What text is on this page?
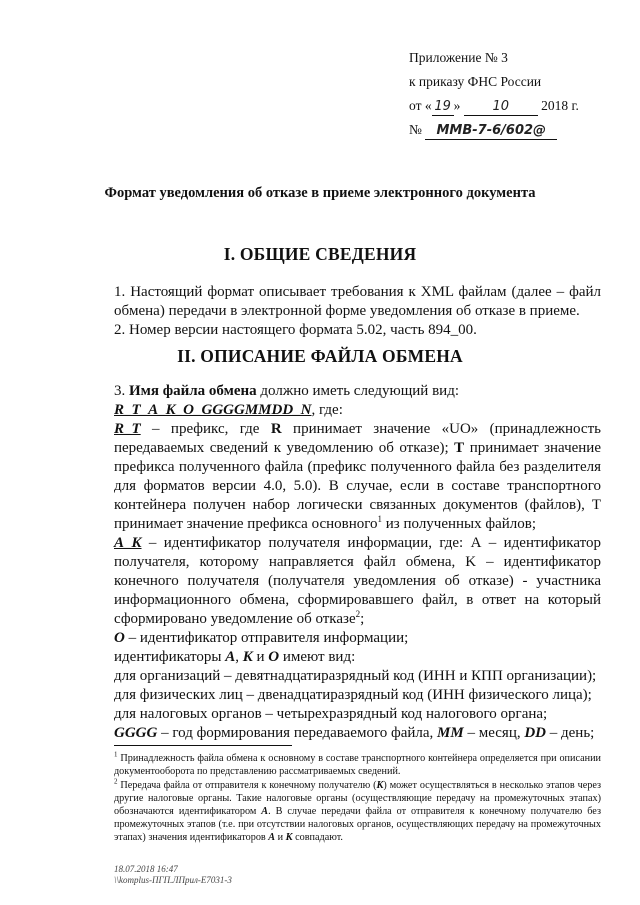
Приложение № 3
к приказу ФНС России
от « 19 » 10 2018 г.
№ ММВ-7-6/602@
Формат уведомления об отказе в приеме электронного документа
I. ОБЩИЕ СВЕДЕНИЯ
1. Настоящий формат описывает требования к XML файлам (далее – файл обмена) передачи в электронной форме уведомления об отказе в приеме.
2. Номер версии настоящего формата 5.02, часть 894_00.
II. ОПИСАНИЕ ФАЙЛА ОБМЕНА
3. Имя файла обмена должно иметь следующий вид:
R_T_A_K_O_GGGGMMDD_N, где:
R_T – префикс, где R принимает значение «UO» (принадлежность передаваемых сведений к уведомлению об отказе); T принимает значение префикса полученного файла (префикс полученного файла без разделителя для форматов версии 4.0, 5.0). В случае, если в составе транспортного контейнера получен набор логически связанных документов (файлов), T принимает значение префикса основного$^1$ из полученных файлов;
A_K – идентификатор получателя информации, где: А – идентификатор получателя, которому направляется файл обмена, K – идентификатор конечного получателя (получателя уведомления об отказе) - участника информационного обмена, сформировавшего файл, в ответ на который сформировано уведомление об отказе$^2$;
O – идентификатор отправителя информации;
идентификаторы A, K и O имеют вид:
для организаций – девятнадцатиразрядный код (ИНН и КПП организации);
для физических лиц – двенадцатиразрядный код (ИНН физического лица);
для налоговых органов – четырехразрядный код налогового органа;
GGGG – год формирования передаваемого файла, MM – месяц, DD – день;
$^1$ Принадлежность файла обмена к основному в составе транспортного контейнера определяется при описании документооборота по представлению рассматриваемых сведений.
$^2$ Передача файла от отправителя к конечному получателю (К) может осуществляться в несколько этапов через другие налоговые органы. Такие налоговые органы (осуществляющие передачу на промежуточных этапах) обозначаются идентификатором А. В случае передачи файла от отправителя к конечному получателю без промежуточных этапов (т.е. при отсутствии налоговых органов, осуществляющих передачу на промежуточных этапах) значения идентификаторов А и К совпадают.
18.07.2018 16:47
\\komplus-ПГП.ЛПрил-Е7031-3
